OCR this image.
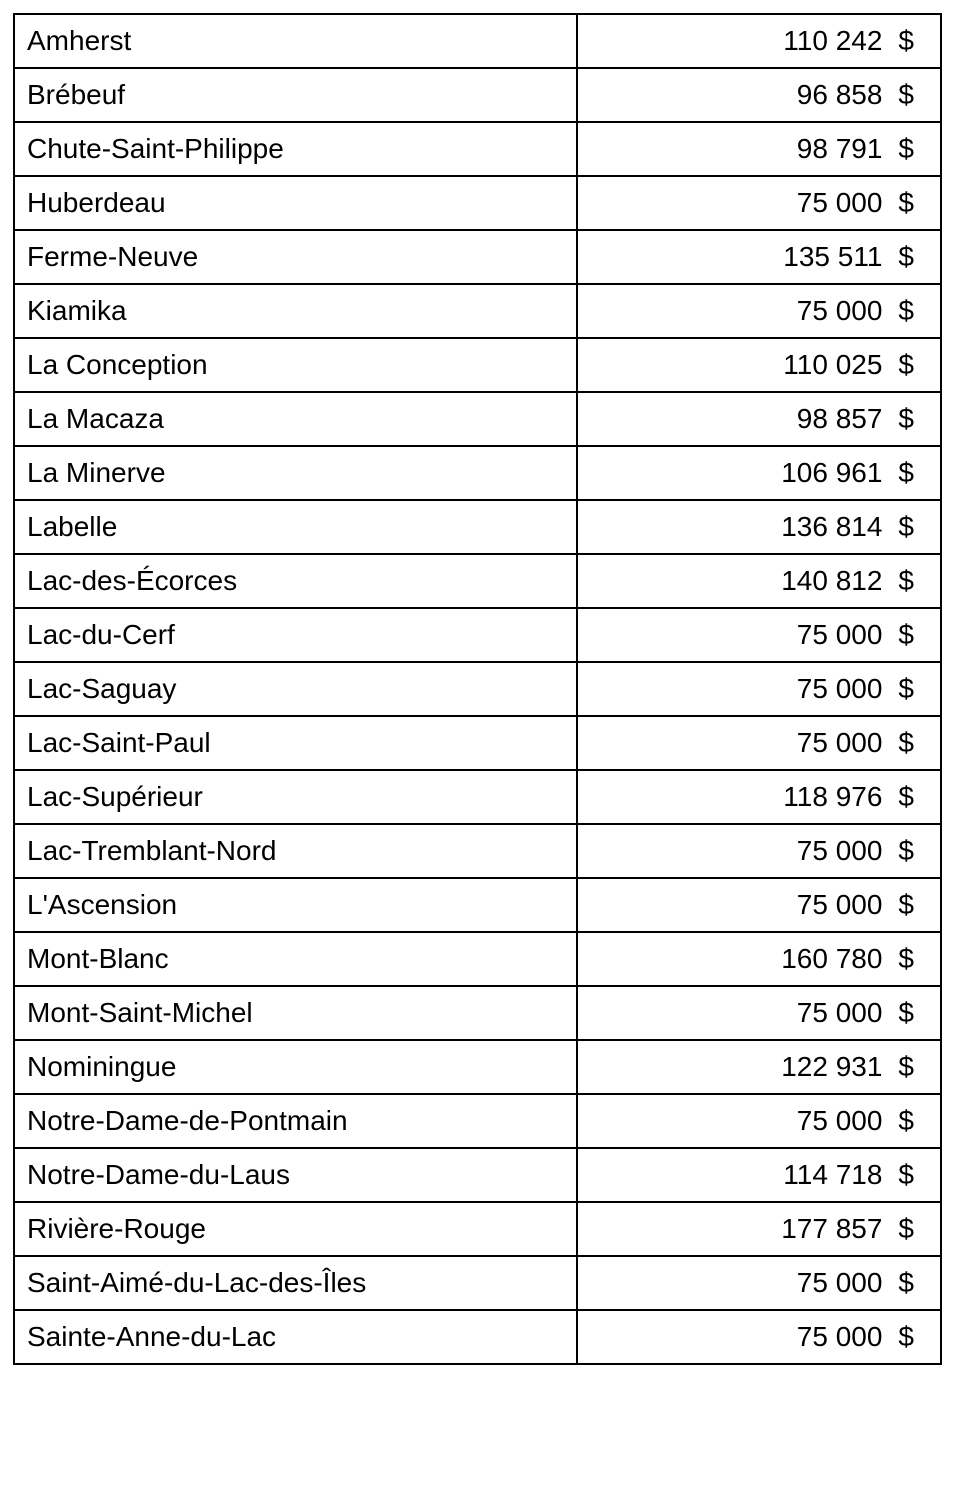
Amherst	110 242 $
Brébeuf	96 858 $
Chute-Saint-Philippe	98 791 $
Huberdeau	75 000 $
Ferme-Neuve	135 511 $
Kiamika	75 000 $
La Conception	110 025 $
La Macaza	98 857 $
La Minerve	106 961 $
Labelle	136 814 $
Lac-des-Écorces	140 812 $
Lac-du-Cerf	75 000 $
Lac-Saguay	75 000 $
Lac-Saint-Paul	75 000 $
Lac-Supérieur	118 976 $
Lac-Tremblant-Nord	75 000 $
L'Ascension	75 000 $
Mont-Blanc	160 780 $
Mont-Saint-Michel	75 000 $
Nominingue	122 931 $
Notre-Dame-de-Pontmain	75 000 $
Notre-Dame-du-Laus	114 718 $
Rivière-Rouge	177 857 $
Saint-Aimé-du-Lac-des-Îles	75 000 $
Sainte-Anne-du-Lac	75 000 $
